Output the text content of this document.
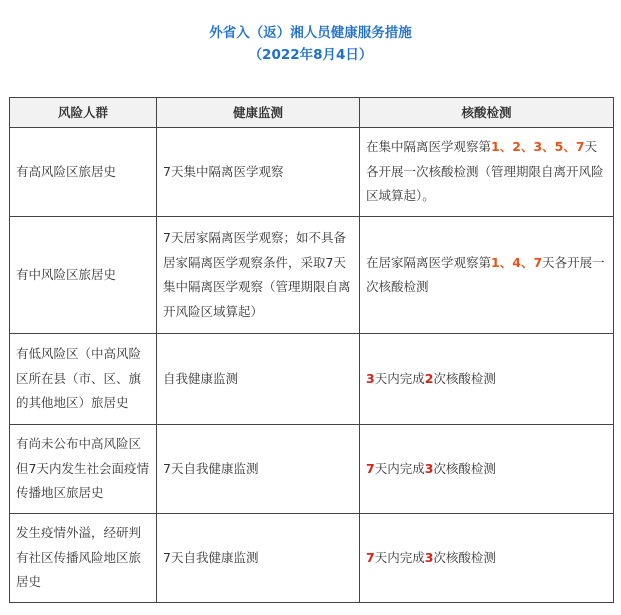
外省入（返）湘人员健康服务措施
（2022年8月4日）
风险人群	健康监测	核酸检测
有高风险区旅居史	7天集中隔离医学观察	在集中隔离医学观察第1、2、3、5、7天各开展一次核酸检测（管理期限自离开风险区域算起）。
有中风险区旅居史	7天居家隔离医学观察；如不具备居家隔离医学观察条件，采取7天集中隔离医学观察（管理期限自离开风险区域算起）	在居家隔离医学观察第1、4、7天各开展一次核酸检测
有低风险区（中高风险区所在县（市、区、旗的其他地区）旅居史	自我健康监测	3天内完成2次核酸检测
有尚未公布中高风险区但7天内发生社会面疫情传播地区旅居史	7天自我健康监测	7天内完成3次核酸检测
发生疫情外溢，经研判有社区传播风险地区旅居史	7天自我健康监测	7天内完成3次核酸检测
